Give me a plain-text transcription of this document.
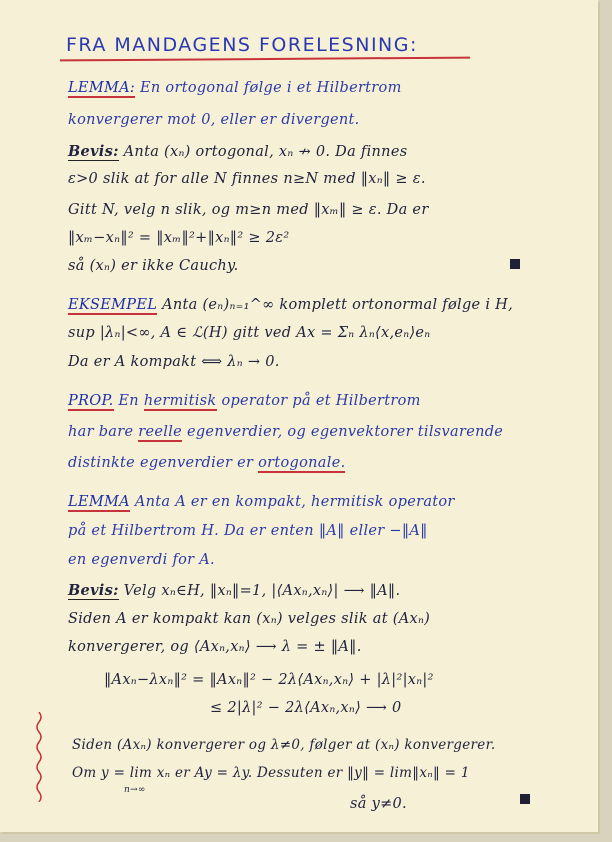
FRA MANDAGENS FORELESNING:
LEMMA: En ortogonal følge i et Hilbertrom
konvergerer mot 0, eller er divergent.
Bevis: Anta (xₙ) ortogonal, xₙ ↛ 0. Da finnes
ε>0 slik at for alle N finnes n≥N med ‖xₙ‖ ≥ ε.
Gitt N, velg n slik, og m≥n med ‖xₘ‖ ≥ ε. Da er
‖xₘ−xₙ‖² = ‖xₘ‖²+‖xₙ‖² ≥ 2ε²
så (xₙ) er ikke Cauchy.
EKSEMPEL Anta (eₙ)ₙ₌₁^∞ komplett ortonormal følge i H,
sup |λₙ|<∞, A ∈ ℒ(H) gitt ved Ax = Σₙ λₙ⟨x,eₙ⟩eₙ
Da er A kompakt ⟺ λₙ → 0.
PROP. En hermitisk operator på et Hilbertrom
har bare reelle egenverdier, og egenvektorer tilsvarende
distinkte egenverdier er ortogonale.
LEMMA Anta A er en kompakt, hermitisk operator
på et Hilbertrom H. Da er enten ‖A‖ eller −‖A‖
en egenverdi for A.
Bevis: Velg xₙ∈H, ‖xₙ‖=1, |⟨Axₙ,xₙ⟩| ⟶ ‖A‖.
Siden A er kompakt kan (xₙ) velges slik at (Axₙ)
konvergerer, og ⟨Axₙ,xₙ⟩ ⟶ λ = ± ‖A‖.
‖Axₙ−λxₙ‖² = ‖Axₙ‖² − 2λ⟨Axₙ,xₙ⟩ + |λ|²|xₙ|²
≤ 2|λ|² − 2λ⟨Axₙ,xₙ⟩ ⟶ 0
Siden (Axₙ) konvergerer og λ≠0, følger at (xₙ) konvergerer.
Om y = lim xₙ er Ay = λy. Dessuten er ‖y‖ = lim‖xₙ‖ = 1
n→∞
så y≠0.
